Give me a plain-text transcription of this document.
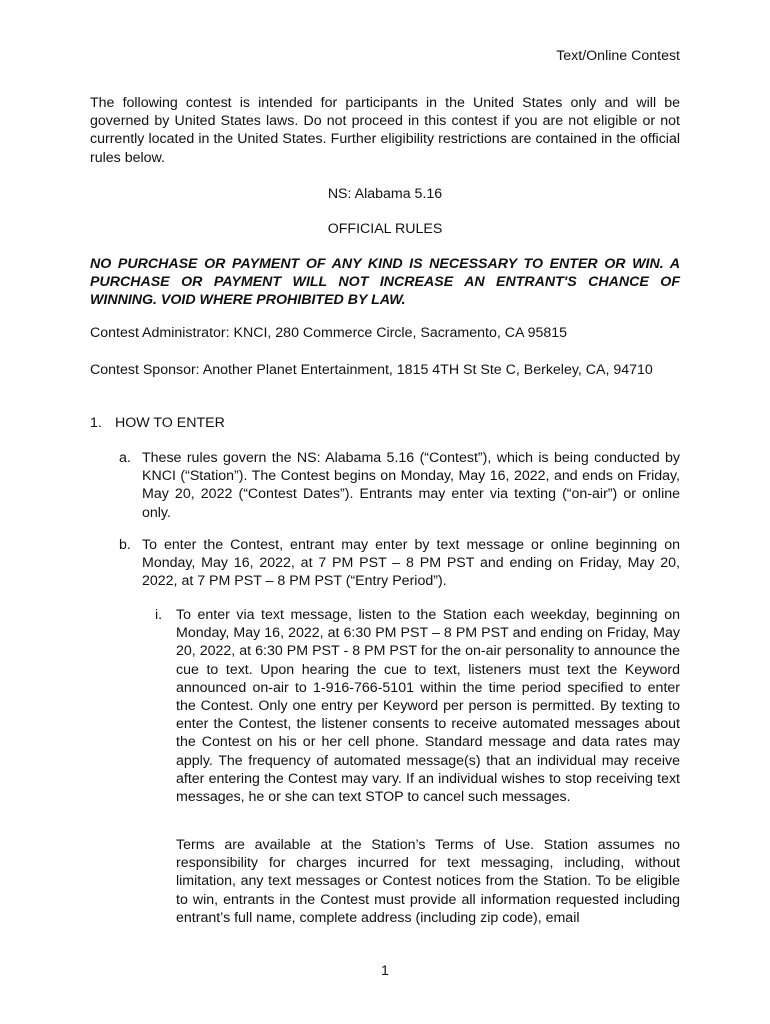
Text/Online Contest

The following contest is intended for participants in the United States only and will be governed by United States laws. Do not proceed in this contest if you are not eligible or not currently located in the United States. Further eligibility restrictions are contained in the official rules below.

NS: Alabama 5.16

OFFICIAL RULES

NO PURCHASE OR PAYMENT OF ANY KIND IS NECESSARY TO ENTER OR WIN. A PURCHASE OR PAYMENT WILL NOT INCREASE AN ENTRANT'S CHANCE OF WINNING. VOID WHERE PROHIBITED BY LAW.

Contest Administrator: KNCI, 280 Commerce Circle, Sacramento, CA 95815

Contest Sponsor: Another Planet Entertainment, 1815 4TH St Ste C, Berkeley, CA, 94710

1. HOW TO ENTER
a. These rules govern the NS: Alabama 5.16 (“Contest”), which is being conducted by KNCI (“Station”). The Contest begins on Monday, May 16, 2022, and ends on Friday, May 20, 2022 (“Contest Dates”). Entrants may enter via texting (“on-air”) or online only.

b. To enter the Contest, entrant may enter by text message or online beginning on Monday, May 16, 2022, at 7 PM PST – 8 PM PST and ending on Friday, May 20, 2022, at 7 PM PST – 8 PM PST (“Entry Period”).

i. To enter via text message, listen to the Station each weekday, beginning on Monday, May 16, 2022, at 6:30 PM PST – 8 PM PST and ending on Friday, May 20, 2022, at 6:30 PM PST - 8 PM PST for the on-air personality to announce the cue to text. Upon hearing the cue to text, listeners must text the Keyword announced on-air to 1-916-766-5101 within the time period specified to enter the Contest. Only one entry per Keyword per person is permitted. By texting to enter the Contest, the listener consents to receive automated messages about the Contest on his or her cell phone. Standard message and data rates may apply. The frequency of automated message(s) that an individual may receive after entering the Contest may vary. If an individual wishes to stop receiving text messages, he or she can text STOP to cancel such messages.

Terms are available at the Station’s Terms of Use. Station assumes no responsibility for charges incurred for text messaging, including, without limitation, any text messages or Contest notices from the Station. To be eligible to win, entrants in the Contest must provide all information requested including entrant’s full name, complete address (including zip code), email

1
